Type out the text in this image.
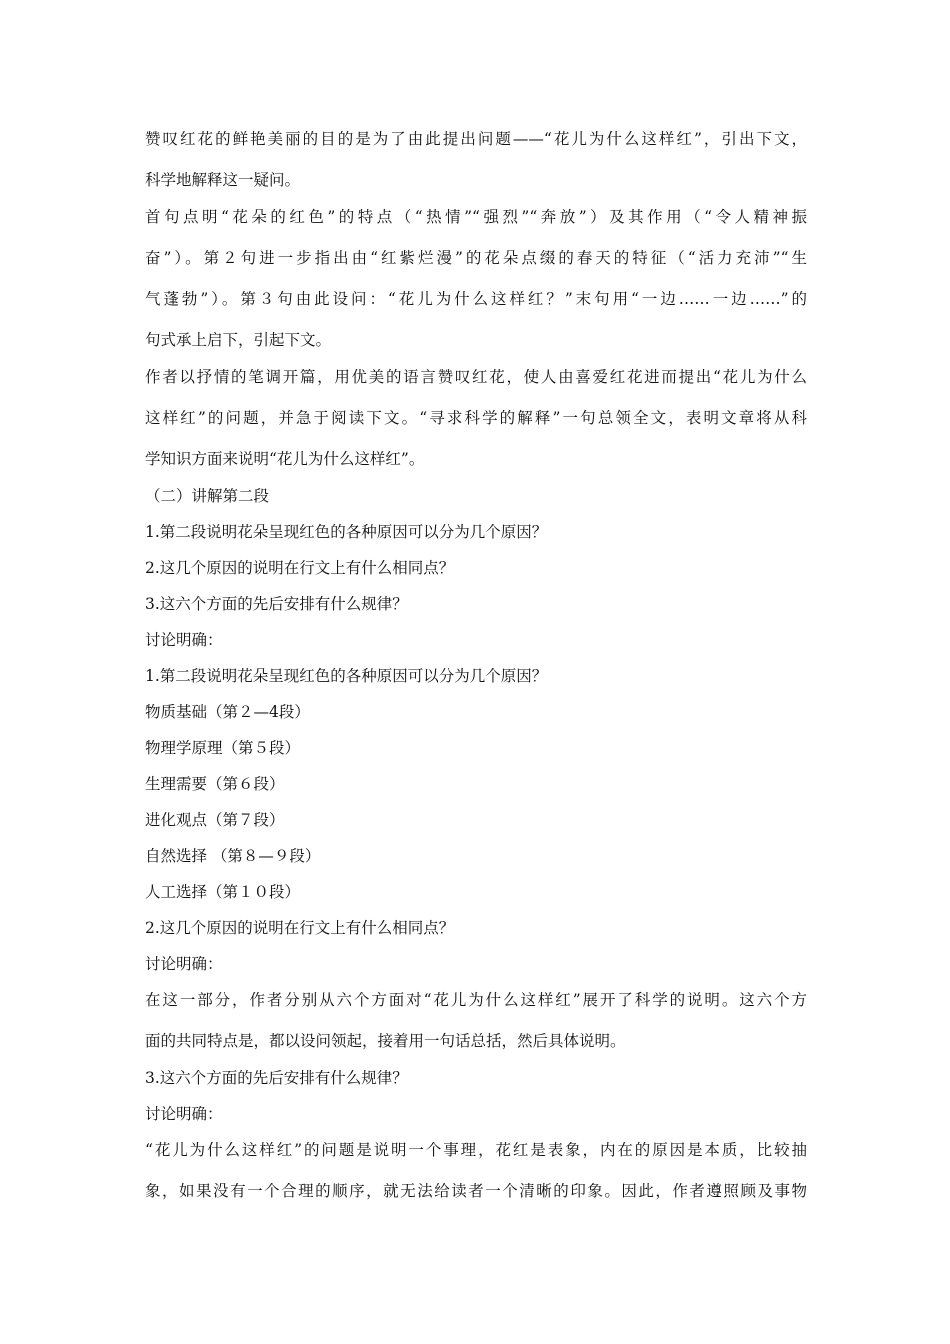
赞叹红花的鲜艳美丽的目的是为了由此提出问题——“花儿为什么这样红”，引出下文，
科学地解释这一疑问。
首句点明“花朵的红色”的特点（“热情”“强烈”“奔放”）及其作用（“令人精神振
奋”）。第２句进一步指出由“红紫烂漫”的花朵点缀的春天的特征（“活力充沛”“生
气蓬勃”）。第３句由此设问：“花儿为什么这样红？”末句用“一边……一边……”的
句式承上启下，引起下文。
作者以抒情的笔调开篇，用优美的语言赞叹红花，使人由喜爱红花进而提出“花儿为什么
这样红”的问题，并急于阅读下文。“寻求科学的解释”一句总领全文，表明文章将从科
学知识方面来说明“花儿为什么这样红”。
（二）讲解第二段
1.第二段说明花朵呈现红色的各种原因可以分为几个原因？
2.这几个原因的说明在行文上有什么相同点？
3.这六个方面的先后安排有什么规律？
讨论明确：
1.第二段说明花朵呈现红色的各种原因可以分为几个原因？
物质基础（第２—4段）
物理学原理（第５段）
生理需要（第６段）
进化观点（第７段）
自然选择 （第８—９段）
人工选择（第１０段）
2.这几个原因的说明在行文上有什么相同点？
讨论明确：
在这一部分，作者分别从六个方面对“花儿为什么这样红”展开了科学的说明。这六个方
面的共同特点是，都以设问领起，接着用一句话总括，然后具体说明。
3.这六个方面的先后安排有什么规律？
讨论明确：
“花儿为什么这样红”的问题是说明一个事理，花红是表象，内在的原因是本质，比较抽
象，如果没有一个合理的顺序，就无法给读者一个清晰的印象。因此，作者遵照顾及事物
